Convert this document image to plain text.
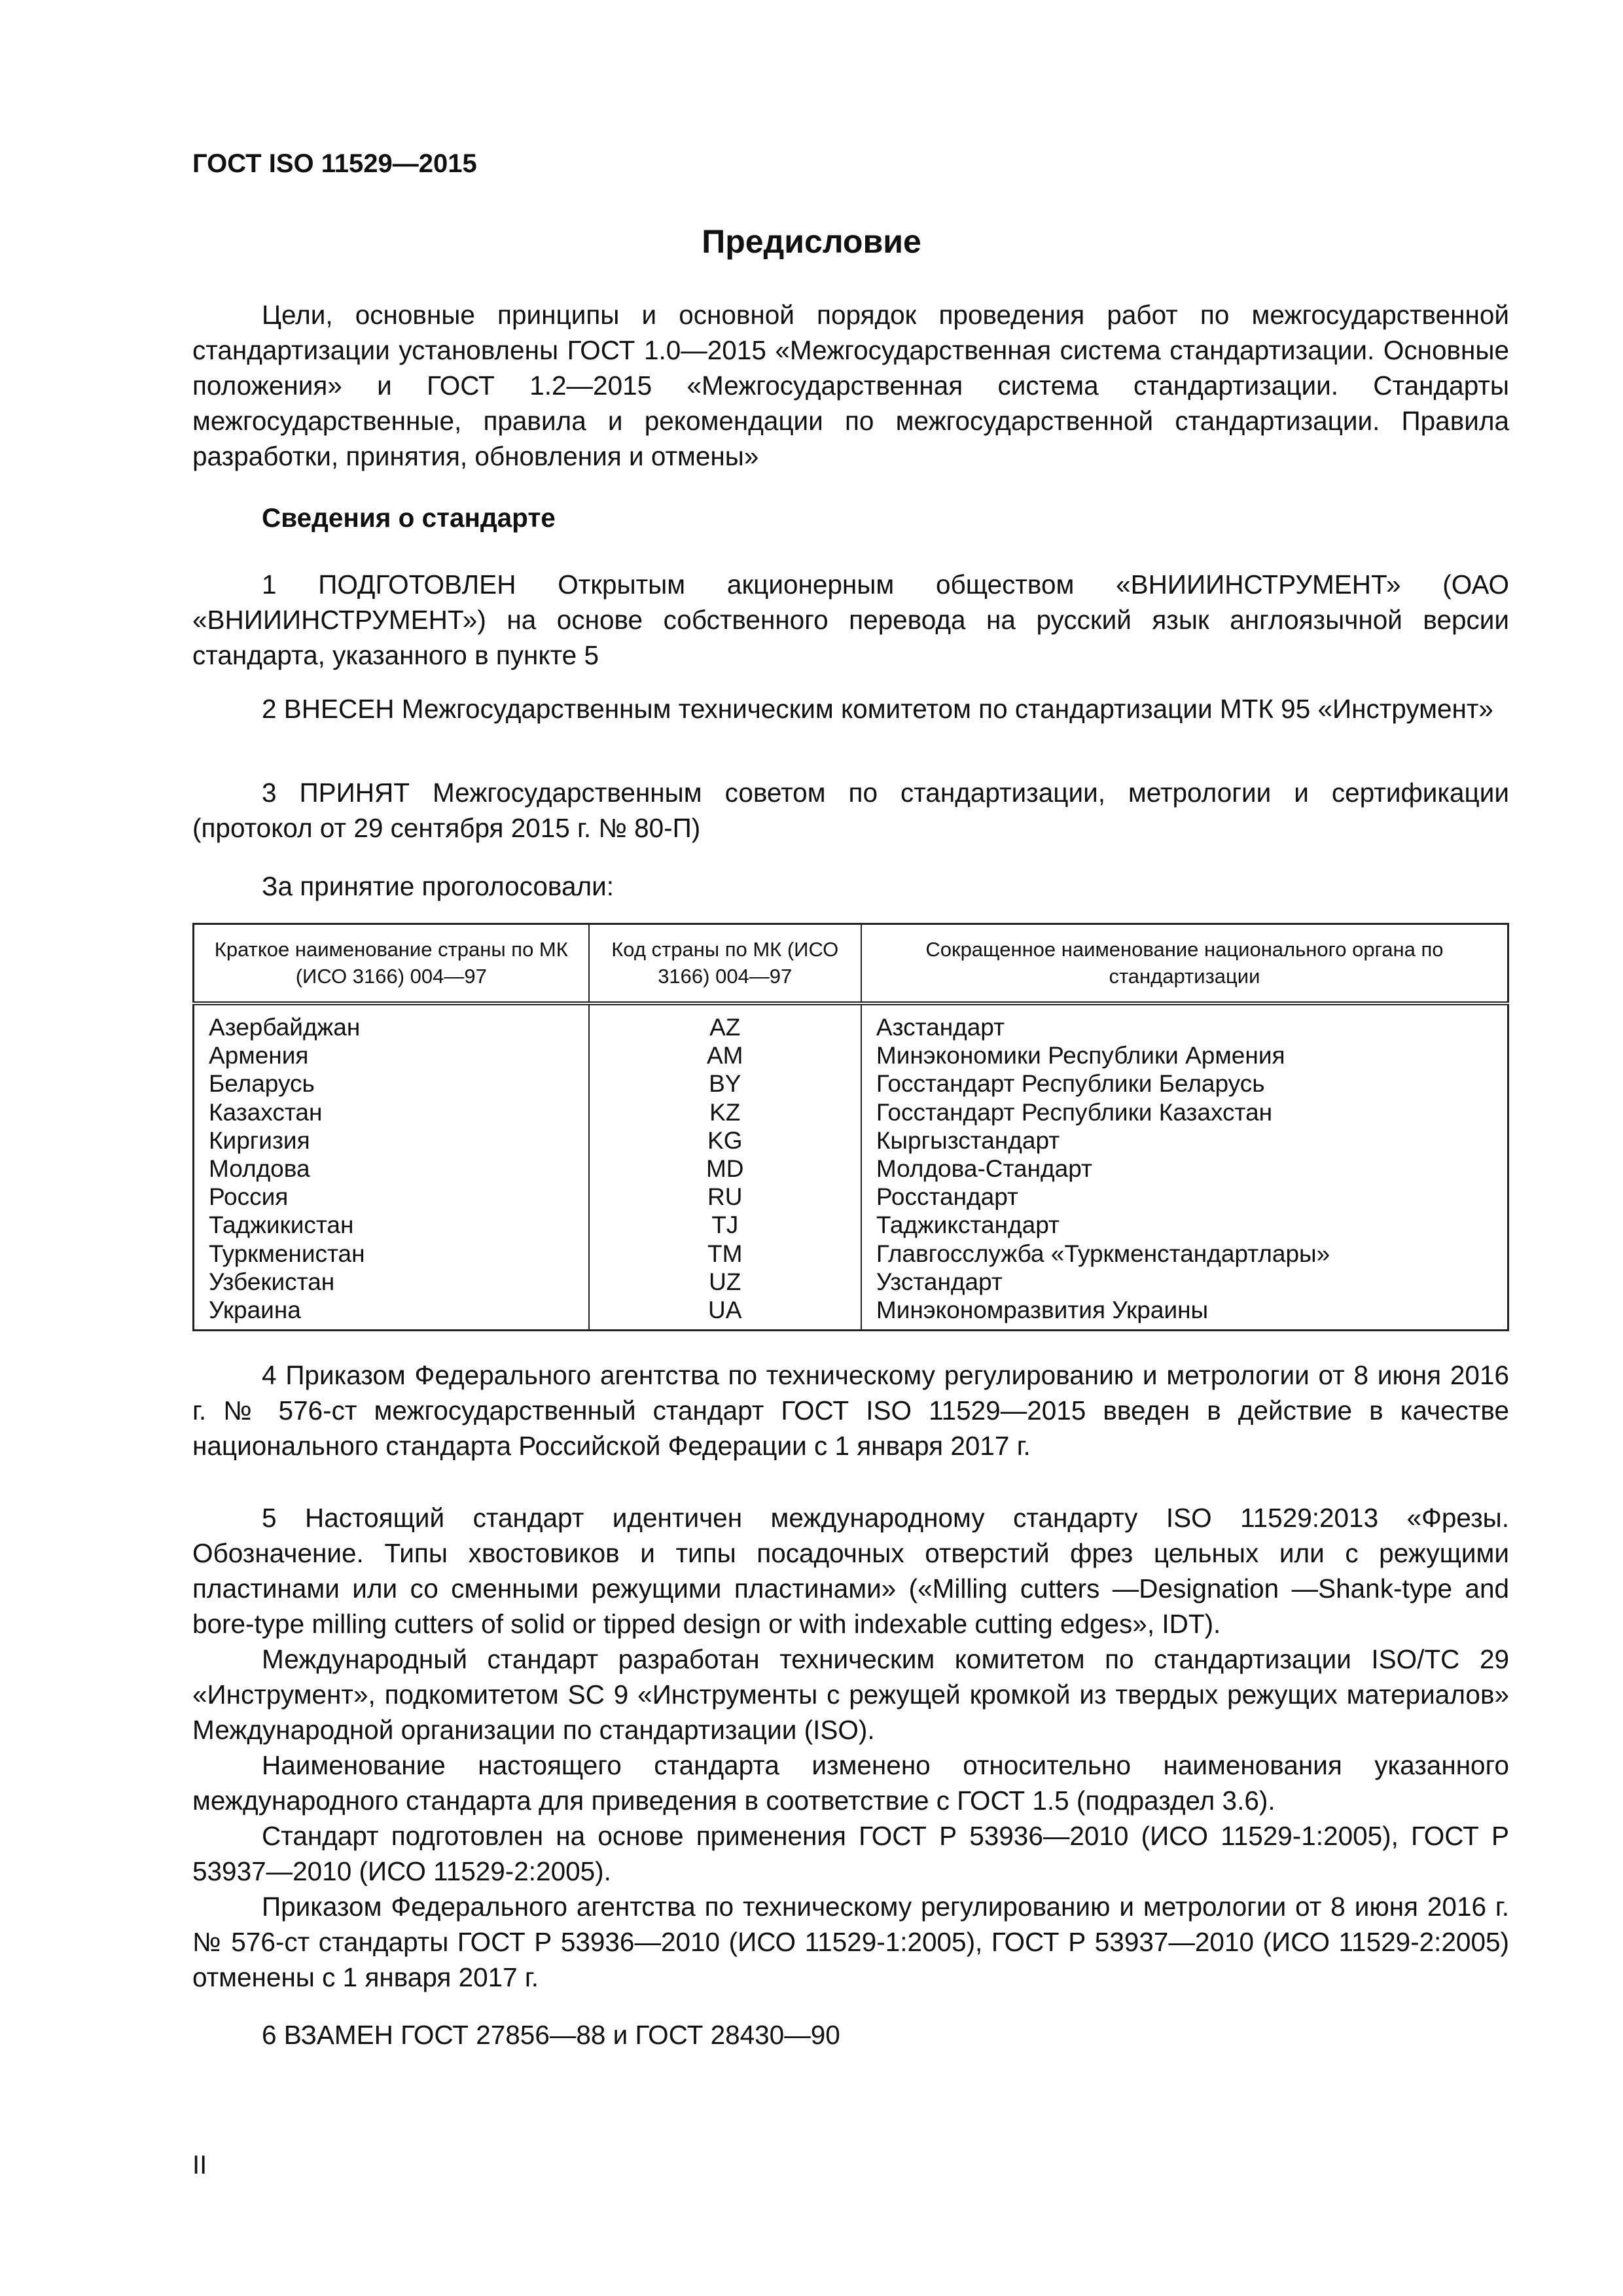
ГОСТ ISO 11529—2015
Предисловие

Цели, основные принципы и основной порядок проведения работ по межгосударственной стандартизации установлены ГОСТ 1.0—2015 «Межгосударственная система стандартизации. Основные положения» и ГОСТ 1.2—2015 «Межгосударственная система стандартизации. Стандарты межгосударственные, правила и рекомендации по межгосударственной стандартизации. Правила разработки, принятия, обновления и отмены»

Сведения о стандарте

1 ПОДГОТОВЛЕН Открытым акционерным обществом «ВНИИИНСТРУМЕНТ» (ОАО «ВНИИИНСТРУМЕНТ») на основе собственного перевода на русский язык англоязычной версии стандарта, указанного в пункте 5

2 ВНЕСЕН Межгосударственным техническим комитетом по стандартизации МТК 95 «Инструмент»

3 ПРИНЯТ Межгосударственным советом по стандартизации, метрологии и сертификации (протокол от 29 сентября 2015 г. № 80-П)

За принятие проголосовали:
Краткое наименование страны по МК (ИСО 3166) 004—97	Код страны по МК (ИСО 3166) 004—97	Сокращенное наименование национального органа по стандартизации
Азербайджан	AZ	Азстандарт
Армения	AM	Минэкономики Республики Армения
Беларусь	BY	Госстандарт Республики Беларусь
Казахстан	KZ	Госстандарт Республики Казахстан
Киргизия	KG	Кыргызстандарт
Молдова	MD	Молдова-Стандарт
Россия	RU	Росстандарт
Таджикистан	TJ	Таджикстандарт
Туркменистан	TM	Главгосслужба «Туркменстандартлары»
Узбекистан	UZ	Узстандарт
Украина	UA	Минэкономразвития Украины

4 Приказом Федерального агентства по техническому регулированию и метрологии от 8 июня 2016 г. № 576-ст межгосударственный стандарт ГОСТ ISO 11529—2015 введен в действие в качестве национального стандарта Российской Федерации с 1 января 2017 г.

5 Настоящий стандарт идентичен международному стандарту ISO 11529:2013 «Фрезы. Обозначение. Типы хвостовиков и типы посадочных отверстий фрез цельных или с режущими пластинами или со сменными режущими пластинами» («Milling cutters —Designation —Shank-type and bore-type milling cutters of solid or tipped design or with indexable cutting edges», IDT).

Международный стандарт разработан техническим комитетом по стандартизации ISO/TC 29 «Инструмент», подкомитетом SC 9 «Инструменты с режущей кромкой из твердых режущих материалов» Международной организации по стандартизации (ISO).

Наименование настоящего стандарта изменено относительно наименования указанного международного стандарта для приведения в соответствие с ГОСТ 1.5 (подраздел 3.6).

Стандарт подготовлен на основе применения ГОСТ Р 53936—2010 (ИСО 11529-1:2005), ГОСТ Р 53937—2010 (ИСО 11529-2:2005).

Приказом Федерального агентства по техническому регулированию и метрологии от 8 июня 2016 г. № 576-ст стандарты ГОСТ Р 53936—2010 (ИСО 11529-1:2005), ГОСТ Р 53937—2010 (ИСО 11529-2:2005) отменены с 1 января 2017 г.

6 ВЗАМЕН ГОСТ 27856—88 и ГОСТ 28430—90

II
